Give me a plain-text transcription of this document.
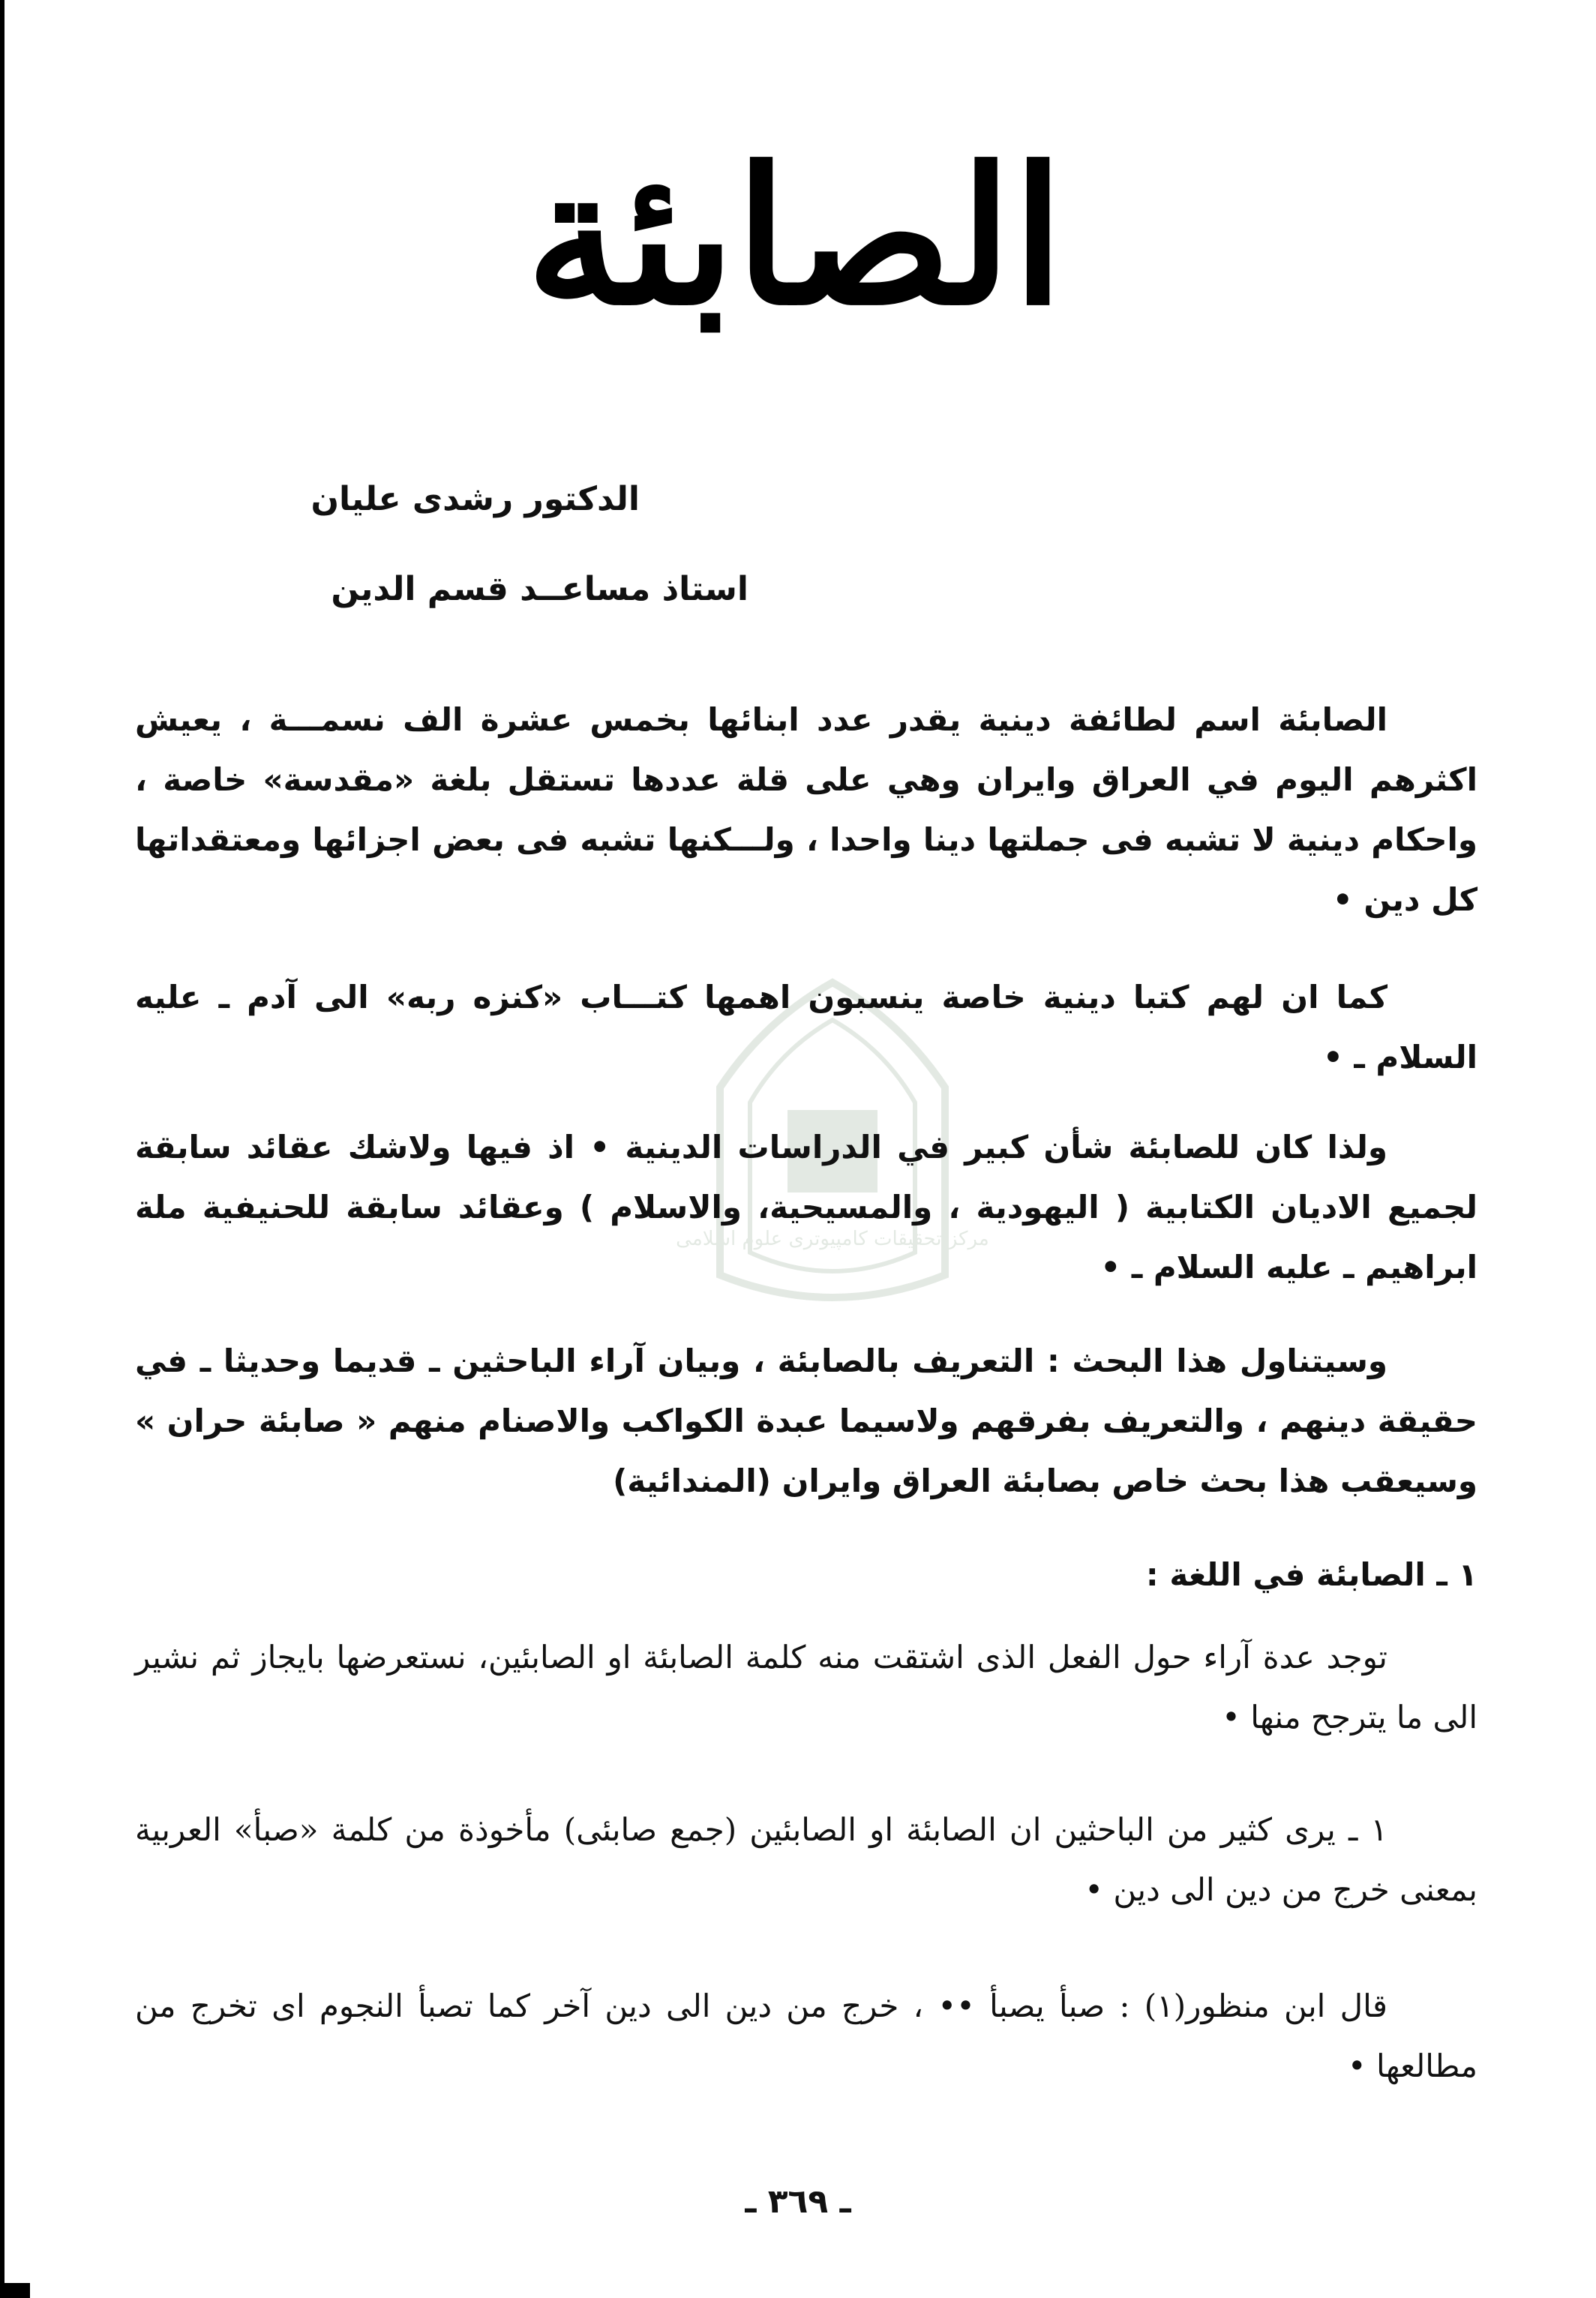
مركز تحقيقات كامپيوترى علوم اسلامى
الصابئة
الدكتور رشدى عليان
استاذ مساعــد قسم الدين

الصابئة اسم لطائفة دينية يقدر عدد ابنائها بخمس عشرة الف نسمـــة ، يعيش اكثرهم اليوم في العراق وايران وهي على قلة عددها تستقل بلغة «مقدسة» خاصة ، واحكام دينية لا تشبه فى جملتها دينا واحدا ، ولـــكنها تشبه فى بعض اجزائها ومعتقداتها كل دين •

كما ان لهم كتبا دينية خاصة ينسبون اهمها كتـــاب «كنزه ربه» الى آدم ـ عليه السلام ـ •

ولذا كان للصابئة شأن كبير في الدراسات الدينية • اذ فيها ولاشك عقائد سابقة لجميع الاديان الكتابية ( اليهودية ، والمسيحية، والاسلام ) وعقائد سابقة للحنيفية ملة ابراهيم ـ عليه السلام ـ •

وسيتناول هذا البحث : التعريف بالصابئة ، وبيان آراء الباحثين ـ قديما وحديثا ـ في حقيقة دينهم ، والتعريف بفرقهم ولاسيما عبدة الكواكب والاصنام منهم « صابئة حران » وسيعقب هذا بحث خاص بصابئة العراق وايران (المندائية)

١ ـ الصابئة في اللغة :

توجد عدة آراء حول الفعل الذى اشتقت منه كلمة الصابئة او الصابئين، نستعرضها بايجاز ثم نشير الى ما يترجح منها •

١ ـ يرى كثير من الباحثين ان الصابئة او الصابئين (جمع صابئى) مأخوذة من كلمة «صبأ» العربية بمعنى خرج من دين الى دين •

قال ابن منظور(١) : صبأ يصبأ •• ، خرج من دين الى دين آخر كما تصبأ النجوم اى تخرج من مطالعها •

ـ ٣٦٩ ـ
